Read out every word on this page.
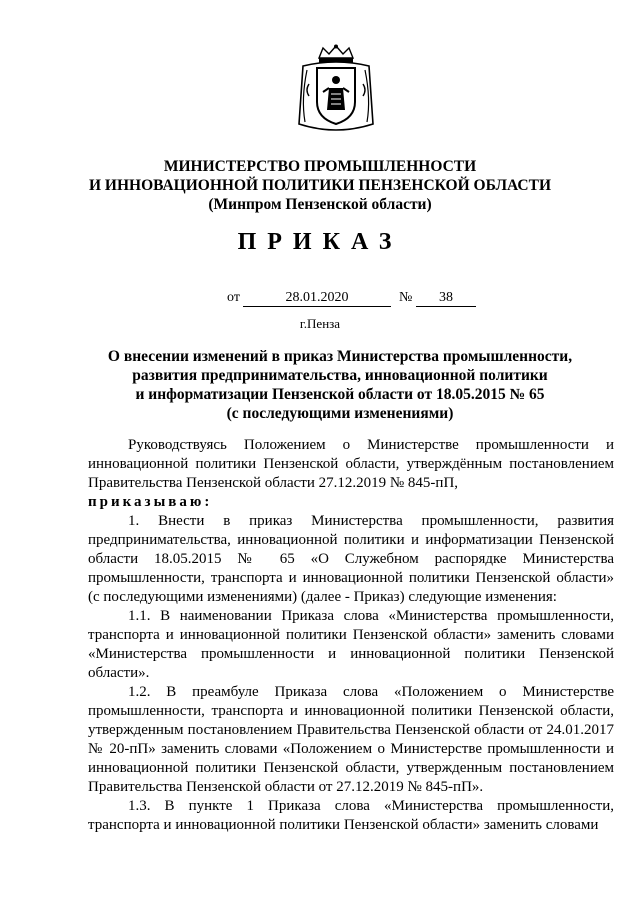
МИНИСТЕРСТВО ПРОМЫШЛЕННОСТИ
И ИННОВАЦИОННОЙ ПОЛИТИКИ ПЕНЗЕНСКОЙ ОБЛАСТИ
(Минпром Пензенской области)
ПРИКАЗ
от	28.01.2020	№	38
г.Пенза
О внесении изменений в приказ Министерства промышленности,
развития предпринимательства, инновационной политики
и информатизации Пензенской области от 18.05.2015 № 65
(с последующими изменениями)

Руководствуясь Положением о Министерстве промышленности и инновационной политики Пензенской области, утверждённым постановлением Правительства Пензенской области 27.12.2019 № 845-пП,

приказываю:

1. Внести в приказ Министерства промышленности, развития предпринимательства, инновационной политики и информатизации Пензенской области 18.05.2015 № 65 «О Служебном распорядке Министерства промышленности, транспорта и инновационной политики Пензенской области» (с последующими изменениями) (далее - Приказ) следующие изменения:

1.1. В наименовании Приказа слова «Министерства промышленности, транспорта и инновационной политики Пензенской области» заменить словами «Министерства промышленности и инновационной политики Пензенской области».

1.2. В преамбуле Приказа слова «Положением о Министерстве промышленности, транспорта и инновационной политики Пензенской области, утвержденным постановлением Правительства Пензенской области от 24.01.2017 № 20-пП» заменить словами «Положением о Министерстве промышленности и инновационной политики Пензенской области, утвержденным постановлением Правительства Пензенской области от 27.12.2019 № 845-пП».

1.3. В пункте 1 Приказа слова «Министерства промышленности, транспорта и инновационной политики Пензенской области» заменить словами
